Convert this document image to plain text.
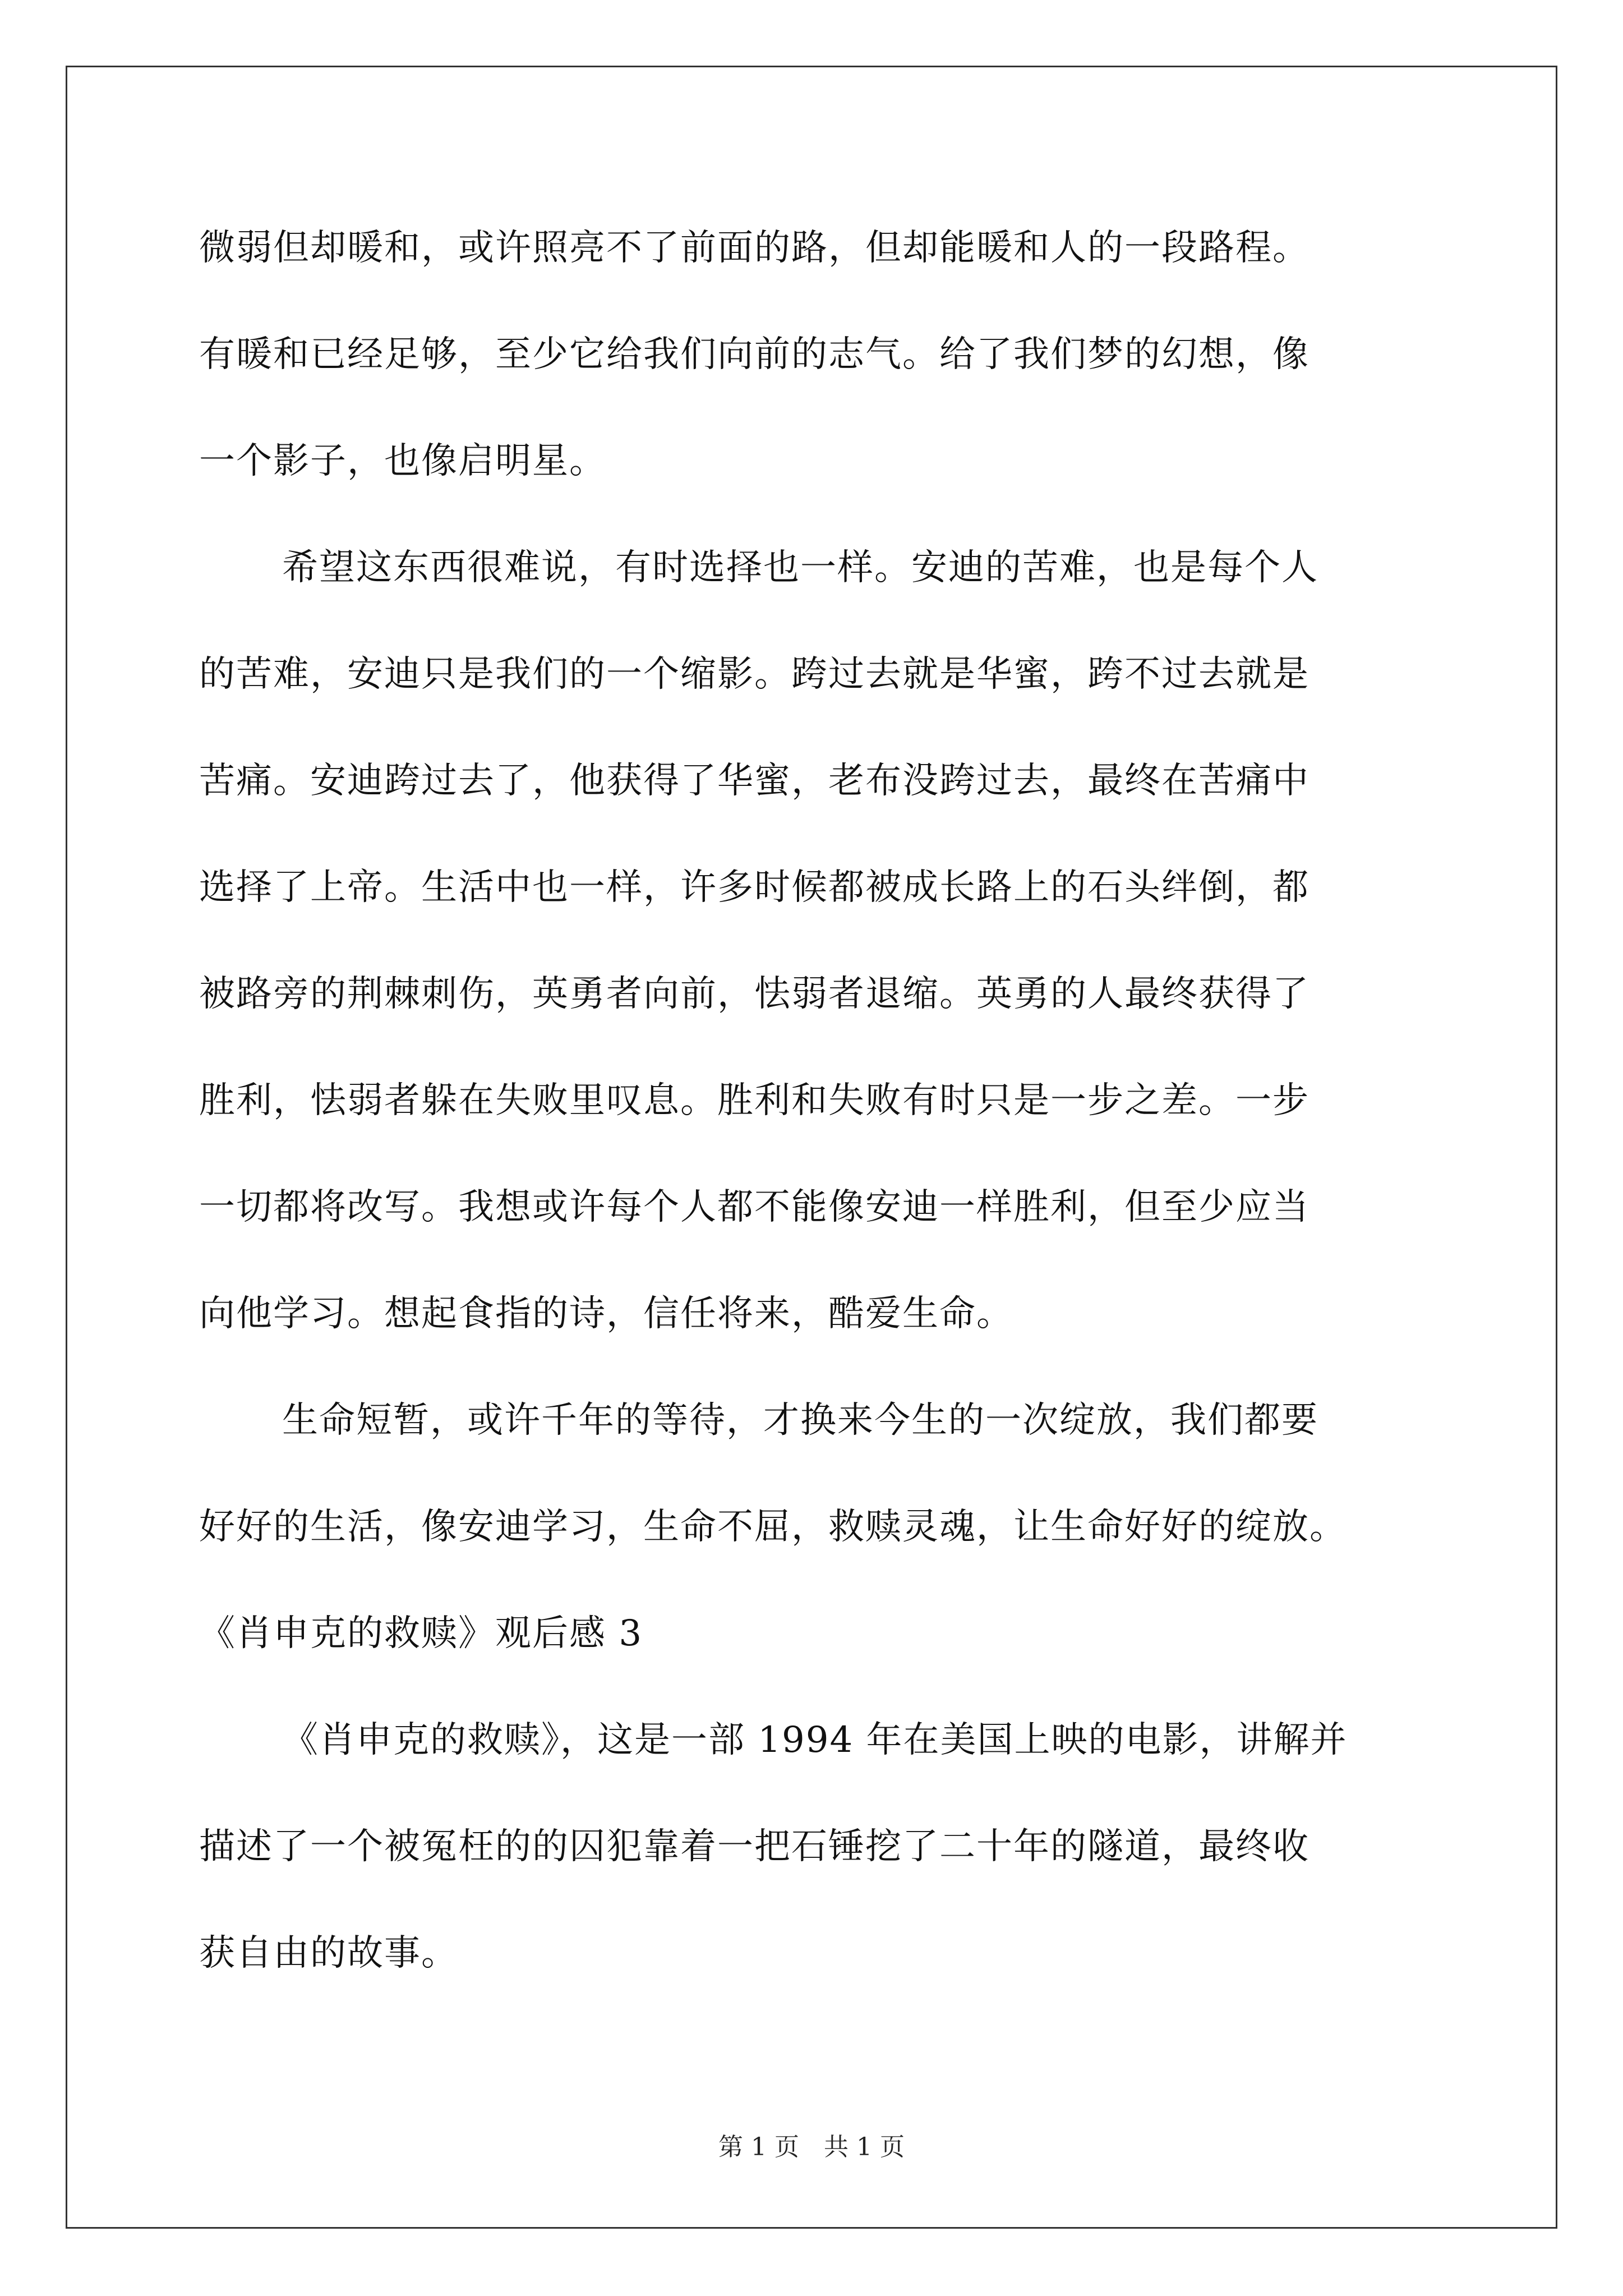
微弱但却暖和，或许照亮不了前面的路，但却能暖和人的一段路程。
有暖和已经足够，至少它给我们向前的志气。给了我们梦的幻想，像
一个影子，也像启明星。
希望这东西很难说，有时选择也一样。安迪的苦难，也是每个人
的苦难，安迪只是我们的一个缩影。跨过去就是华蜜，跨不过去就是
苦痛。安迪跨过去了，他获得了华蜜，老布没跨过去，最终在苦痛中
选择了上帝。生活中也一样，许多时候都被成长路上的石头绊倒，都
被路旁的荆棘刺伤，英勇者向前，怯弱者退缩。英勇的人最终获得了
胜利，怯弱者躲在失败里叹息。胜利和失败有时只是一步之差。一步
一切都将改写。我想或许每个人都不能像安迪一样胜利，但至少应当
向他学习。想起食指的诗，信任将来，酷爱生命。
生命短暂，或许千年的等待，才换来今生的一次绽放，我们都要
好好的生活，像安迪学习，生命不屈，救赎灵魂，让生命好好的绽放。
《肖申克的救赎》观后感 3
《肖申克的救赎》，这是一部 1994 年在美国上映的电影，讲解并
描述了一个被冤枉的的囚犯靠着一把石锤挖了二十年的隧道，最终收
获自由的故事。
第 1 页　共 1 页
